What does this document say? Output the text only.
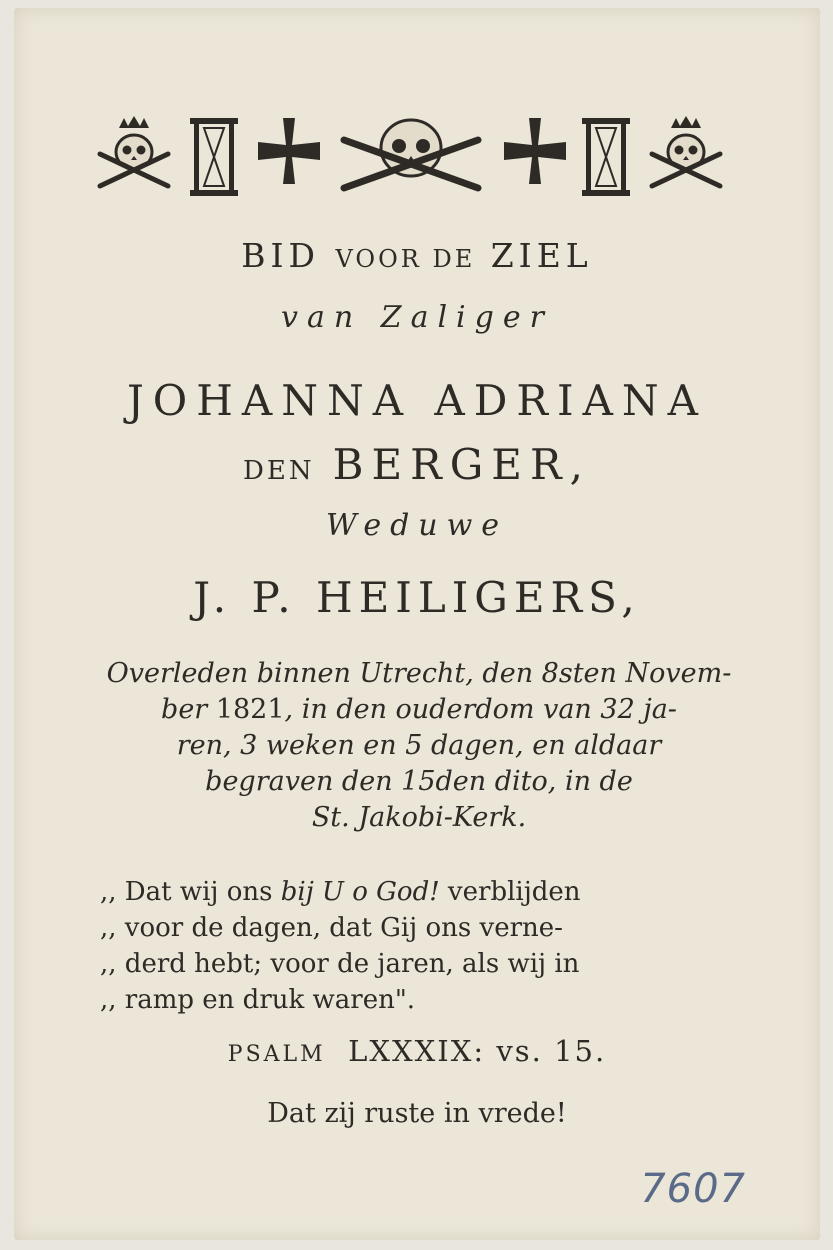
BID VOOR DE ZIEL
van Zaliger
JOHANNA ADRIANA
DEN BERGER,
Weduwe
J. P. HEILIGERS,
Overleden binnen Utrecht, den 8sten Novem-
ber 1821, in den ouderdom van 32 ja-
ren, 3 weken en 5 dagen, en aldaar
begraven den 15den dito, in de
St. Jakobi-Kerk.
,, Dat wij ons bij U o God! verblijden
,, voor de dagen, dat Gij ons verne-
,, derd hebt; voor de jaren, als wij in
,, ramp en druk waren".
PSALM LXXXIX: vs. 15.
Dat zij ruste in vrede!
7607
